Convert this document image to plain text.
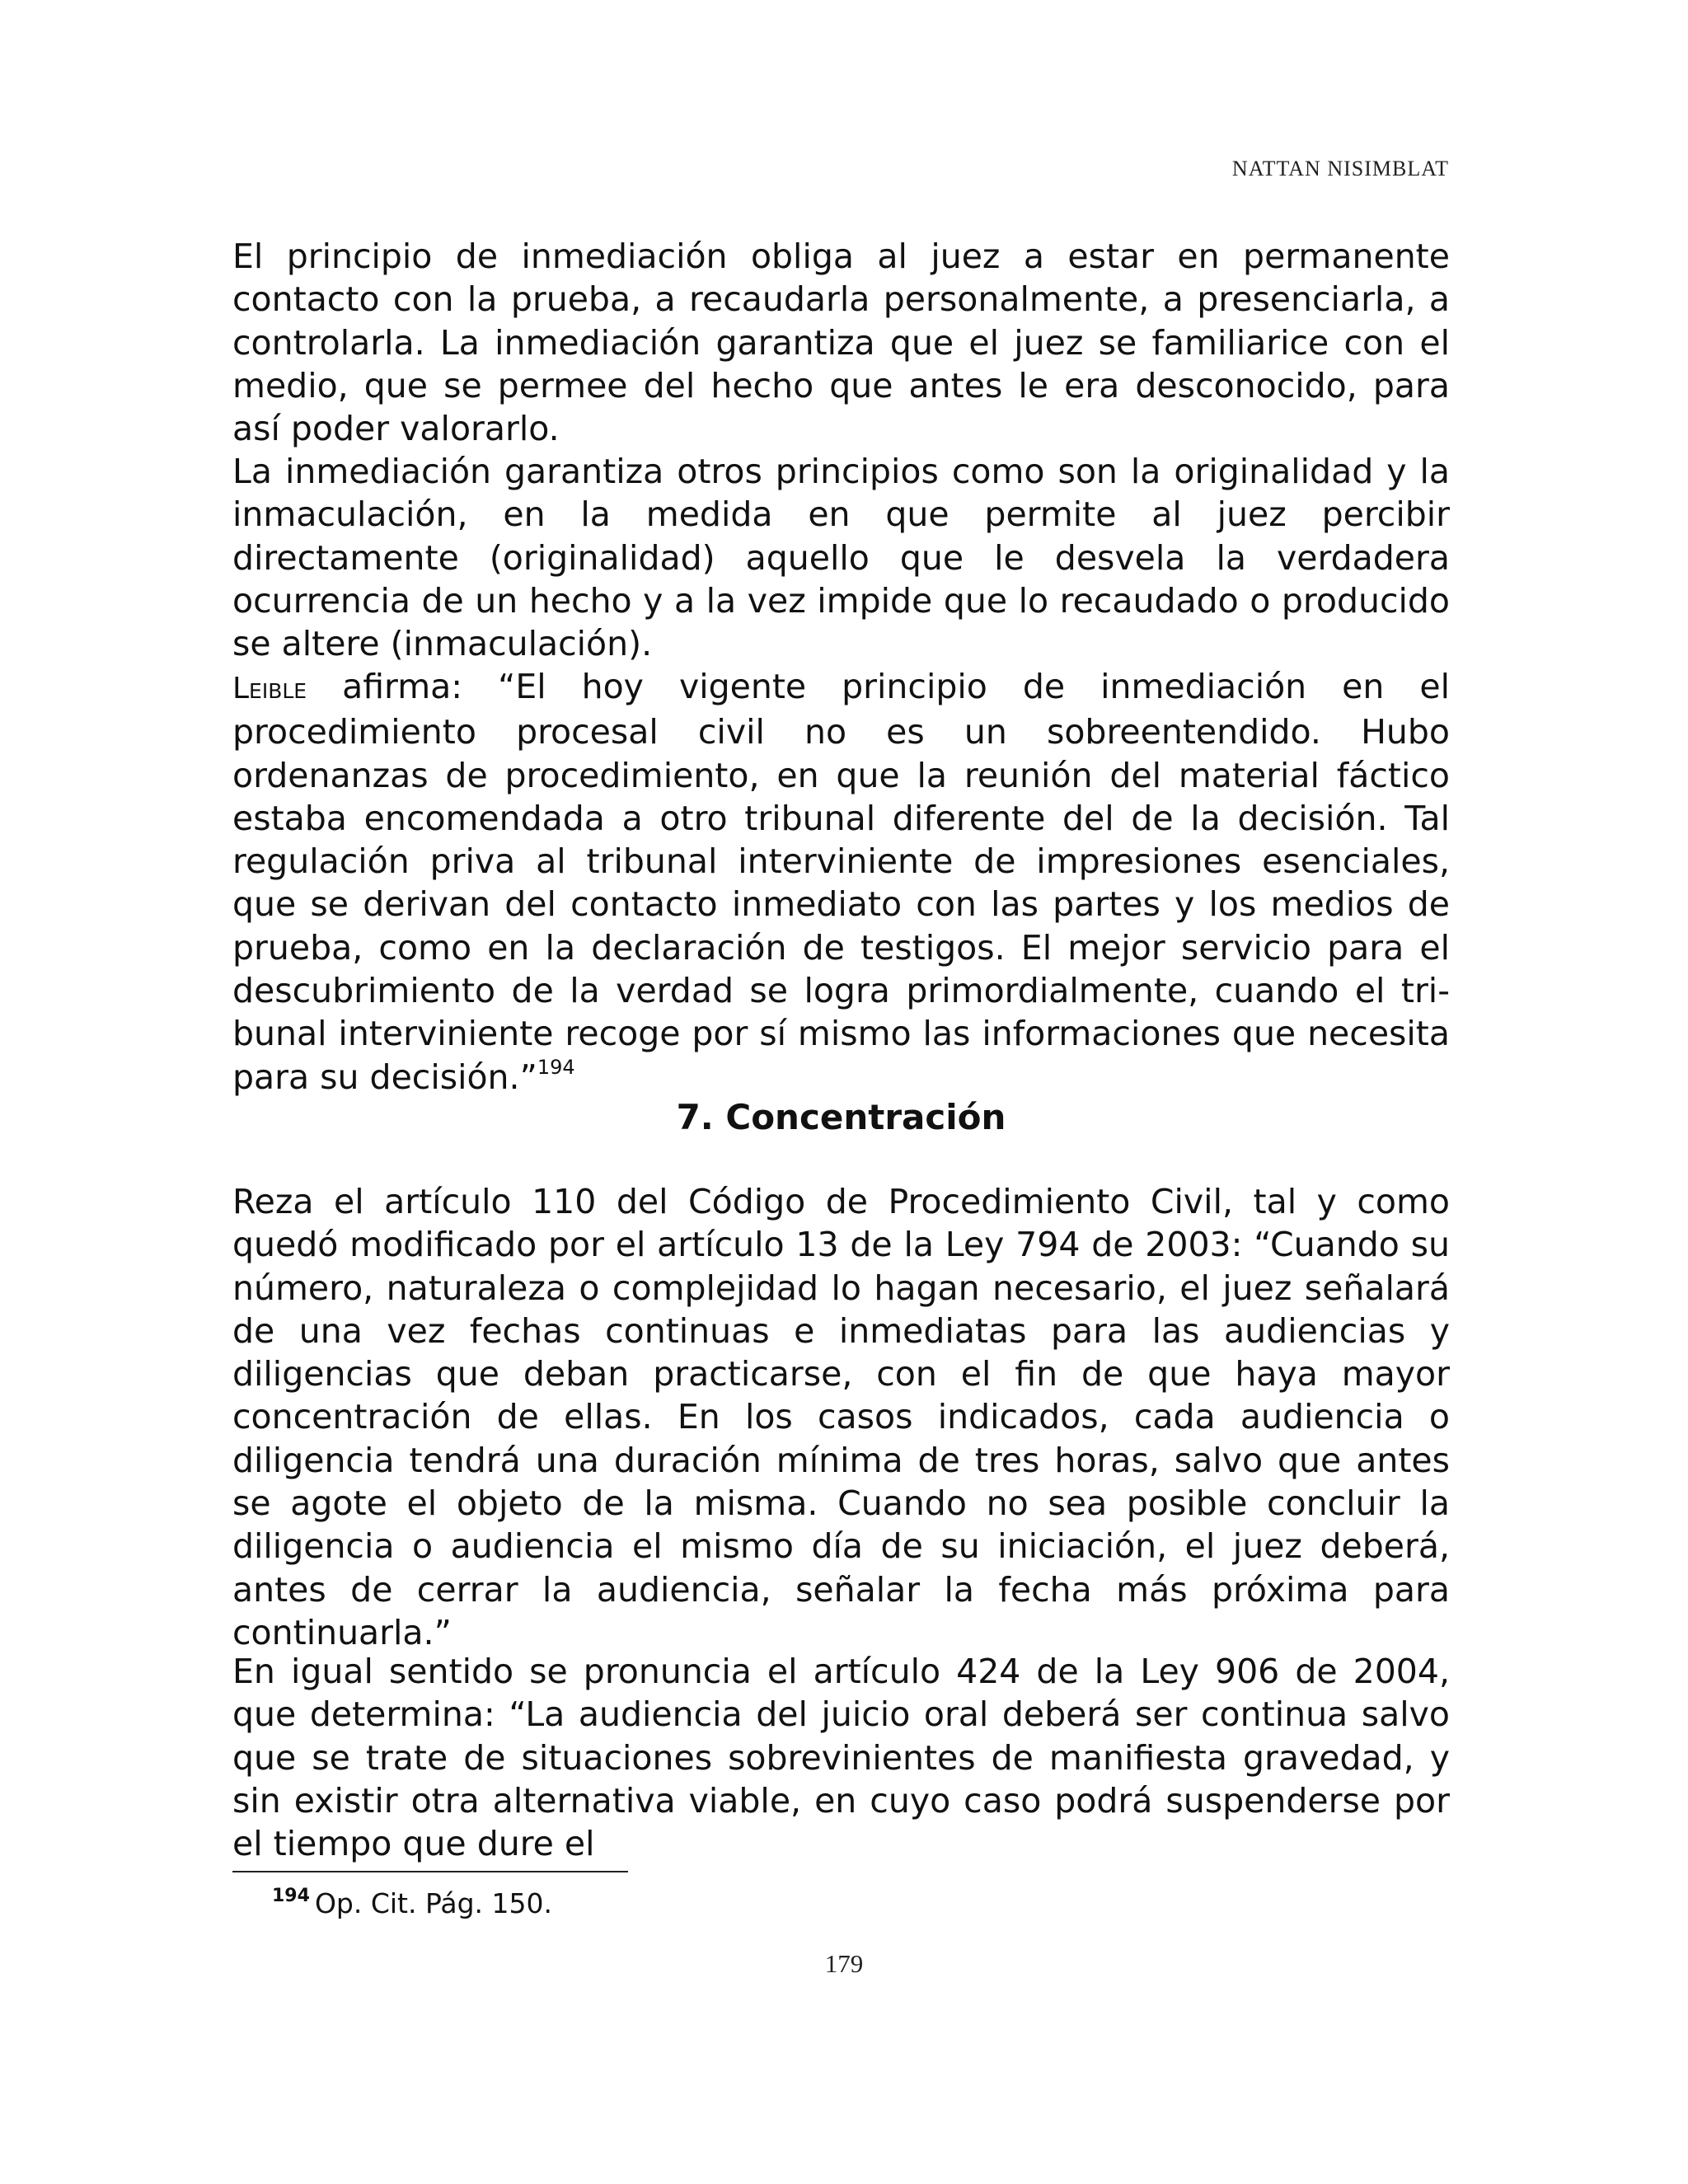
NATTAN NISIMBLAT

El principio de inmediación obliga al juez a estar en permanente contacto con la prueba, a recaudarla personalmente, a presenciarla, a controlarla. La inmediación garantiza que el juez se familiarice con el medio, que se permee del hecho que antes le era desconocido, para así poder valorarlo.

La inmediación garantiza otros principios como son la originalidad y la inmaculación, en la medida en que permite al juez percibir directamente (originalidad) aquello que le desvela la verdadera ocurrencia de un hecho y a la vez impide que lo recaudado o producido se altere (inmaculación).

Leible afirma: “El hoy vigente principio de inmediación en el procedimiento procesal civil no es un sobreentendido. Hubo ordenanzas de procedimiento, en que la reunión del material fáctico estaba encomendada a otro tribunal diferente del de la decisión. Tal regulación priva al tribunal interviniente de impresiones esenciales, que se derivan del contacto inmediato con las partes y los medios de prueba, como en la declaración de testigos. El mejor servicio para el descubrimiento de la verdad se logra primordialmente, cuando el tribunal interviniente recoge por sí mismo las informaciones que necesita para su decisión.”$^{194}$

7. Concentración

Reza el artículo 110 del Código de Procedimiento Civil, tal y como quedó modificado por el artículo 13 de la Ley 794 de 2003: “Cuando su número, naturaleza o complejidad lo hagan necesario, el juez señalará de una vez fechas continuas e inmediatas para las audiencias y diligencias que deban practicarse, con el fin de que haya mayor concentración de ellas. En los casos indicados, cada audiencia o diligencia tendrá una duración mínima de tres horas, salvo que antes se agote el objeto de la misma. Cuando no sea posible concluir la diligencia o audiencia el mismo día de su iniciación, el juez deberá, antes de cerrar la audiencia, señalar la fecha más próxima para continuarla.”

En igual sentido se pronuncia el artículo 424 de la Ley 906 de 2004, que determina: “La audiencia del juicio oral deberá ser continua salvo que se trate de situaciones sobrevinientes de manifiesta gravedad, y sin existir otra alternativa viable, en cuyo caso podrá suspenderse por el tiempo que dure el

$^{194}$ Op. Cit. Pág. 150.
179
